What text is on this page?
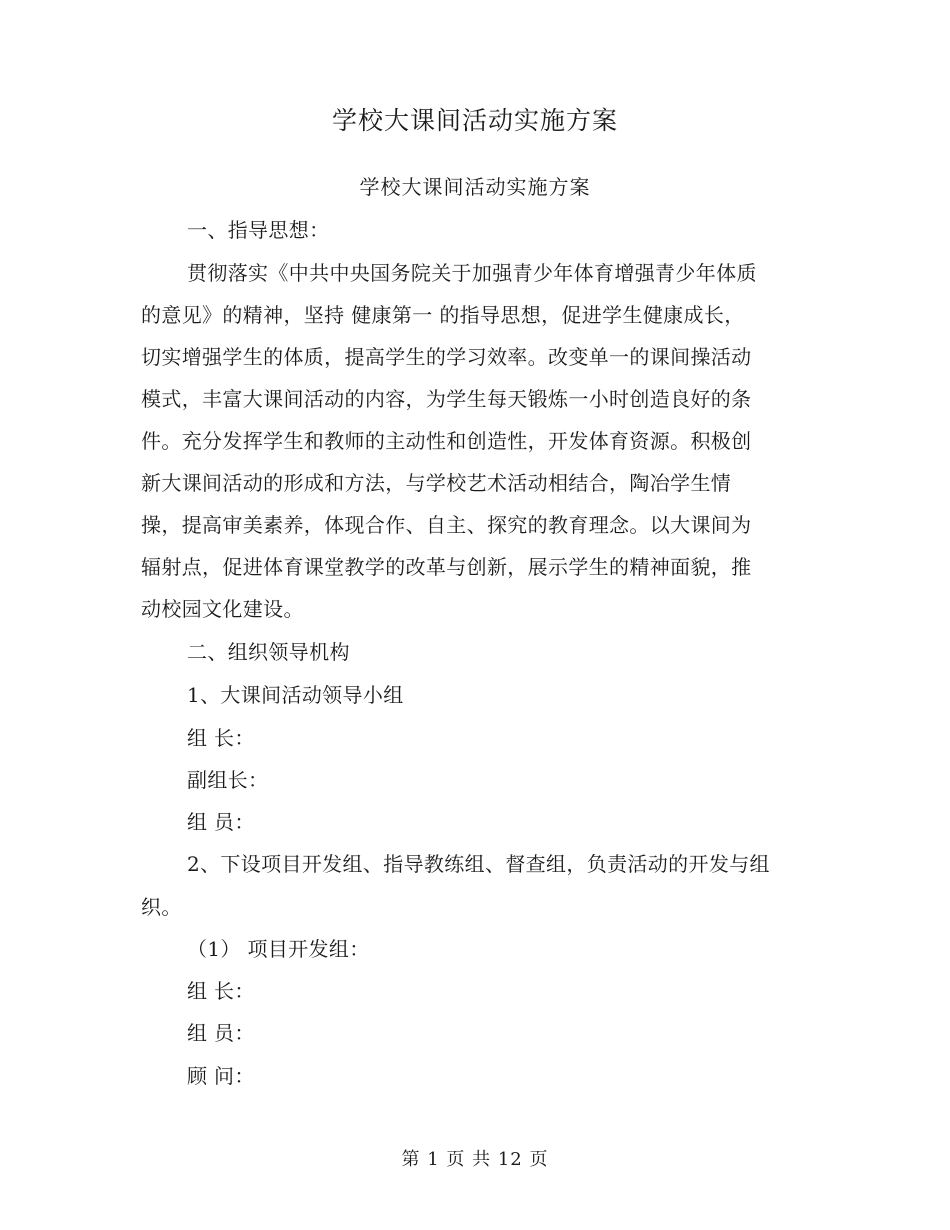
学校大课间活动实施方案
学校大课间活动实施方案
一、指导思想：
贯彻落实《中共中央国务院关于加强青少年体育增强青少年体质
的意见》的精神，坚持 健康第一 的指导思想，促进学生健康成长，
切实增强学生的体质，提高学生的学习效率。改变单一的课间操活动
模式，丰富大课间活动的内容，为学生每天锻炼一小时创造良好的条
件。充分发挥学生和教师的主动性和创造性，开发体育资源。积极创
新大课间活动的形成和方法，与学校艺术活动相结合，陶冶学生情
操，提高审美素养，体现合作、自主、探究的教育理念。以大课间为
辐射点，促进体育课堂教学的改革与创新，展示学生的精神面貌，推
动校园文化建设。
二、组织领导机构
1、大课间活动领导小组
组 长：
副组长：
组 员：
2、下设项目开发组、指导教练组、督查组，负责活动的开发与组
织。
（1） 项目开发组：
组 长：
组 员：
顾 问：
第 1 页 共 12 页
